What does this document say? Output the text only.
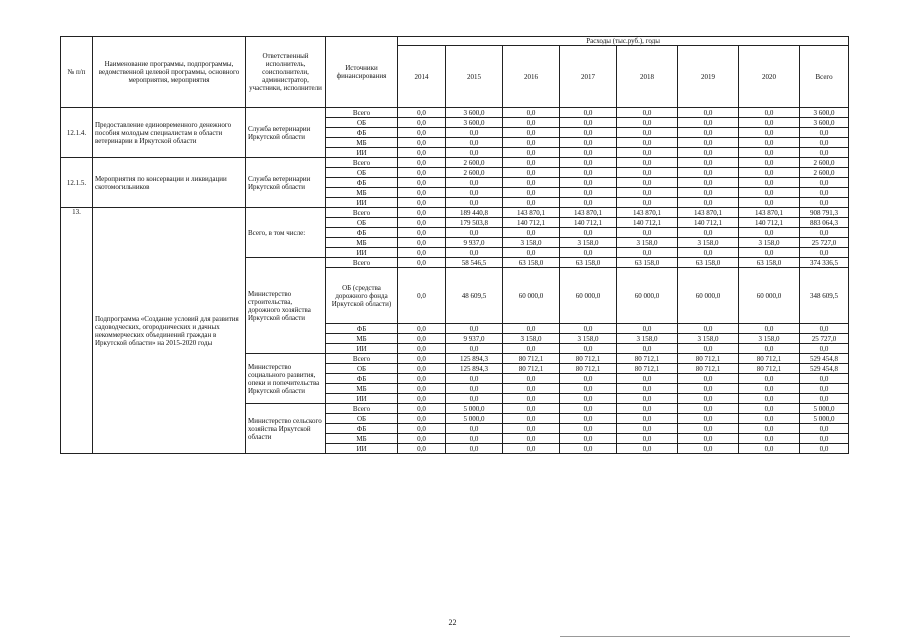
№ п/п	Наименование программы, подпрограммы, ведомственной целевой программы, основного мероприятия, мероприятия	Ответственный исполнитель, соисполнители, администратор, участники, исполнители	Источники финансирования	Расходы (тыс.руб.), годы							
				2014	2015	2016	2017	2018	2019	2020	Всего
12.1.4.	Предоставление единовременного денежного пособия молодым специалистам в области ветеринарии в Иркутской области	Служба ветеринарии Иркутской области	Всего	0,0	3 600,0	0,0	0,0	0,0	0,0	0,0	3 600,0
			ОБ	0,0	3 600,0	0,0	0,0	0,0	0,0	0,0	3 600,0
			ФБ	0,0	0,0	0,0	0,0	0,0	0,0	0,0	0,0
			МБ	0,0	0,0	0,0	0,0	0,0	0,0	0,0	0,0
			ИИ	0,0	0,0	0,0	0,0	0,0	0,0	0,0	0,0
12.1.5.	Мероприятия по консервации и ликвидации скотомогильников	Служба ветеринарии Иркутской области	Всего	0,0	2 600,0	0,0	0,0	0,0	0,0	0,0	2 600,0
			ОБ	0,0	2 600,0	0,0	0,0	0,0	0,0	0,0	2 600,0
			ФБ	0,0	0,0	0,0	0,0	0,0	0,0	0,0	0,0
			МБ	0,0	0,0	0,0	0,0	0,0	0,0	0,0	0,0
			ИИ	0,0	0,0	0,0	0,0	0,0	0,0	0,0	0,0
13.	Подпрограмма «Создание условий для развития садоводческих, огороднических и дачных некоммерческих объединений граждан в Иркутской области» на 2015-2020 годы	Всего, в том числе:	Всего	0,0	189 440,8	143 870,1	143 870,1	143 870,1	143 870,1	143 870,1	908 791,3
			ОБ	0,0	179 503,8	140 712,1	140 712,1	140 712,1	140 712,1	140 712,1	883 064,3
			ФБ	0,0	0,0	0,0	0,0	0,0	0,0	0,0	0,0
			МБ	0,0	9 937,0	3 158,0	3 158,0	3 158,0	3 158,0	3 158,0	25 727,0
			ИИ	0,0	0,0	0,0	0,0	0,0	0,0	0,0	0,0
		Министерство строительства, дорожного хозяйства Иркутской области	Всего	0,0	58 546,5	63 158,0	63 158,0	63 158,0	63 158,0	63 158,0	374 336,5
			ОБ (средства дорожного фонда Иркутской области)	0,0	48 609,5	60 000,0	60 000,0	60 000,0	60 000,0	60 000,0	348 609,5
			ФБ	0,0	0,0	0,0	0,0	0,0	0,0	0,0	0,0
			МБ	0,0	9 937,0	3 158,0	3 158,0	3 158,0	3 158,0	3 158,0	25 727,0
			ИИ	0,0	0,0	0,0	0,0	0,0	0,0	0,0	0,0
		Министерство социального развития, опеки и попечительства Иркутской области	Всего	0,0	125 894,3	80 712,1	80 712,1	80 712,1	80 712,1	80 712,1	529 454,8
			ОБ	0,0	125 894,3	80 712,1	80 712,1	80 712,1	80 712,1	80 712,1	529 454,8
			ФБ	0,0	0,0	0,0	0,0	0,0	0,0	0,0	0,0
			МБ	0,0	0,0	0,0	0,0	0,0	0,0	0,0	0,0
			ИИ	0,0	0,0	0,0	0,0	0,0	0,0	0,0	0,0
		Министерство сельского хозяйства Иркутской области	Всего	0,0	5 000,0	0,0	0,0	0,0	0,0	0,0	5 000,0
			ОБ	0,0	5 000,0	0,0	0,0	0,0	0,0	0,0	5 000,0
			ФБ	0,0	0,0	0,0	0,0	0,0	0,0	0,0	0,0
			МБ	0,0	0,0	0,0	0,0	0,0	0,0	0,0	0,0
			ИИ	0,0	0,0	0,0	0,0	0,0	0,0	0,0	0,0
22
